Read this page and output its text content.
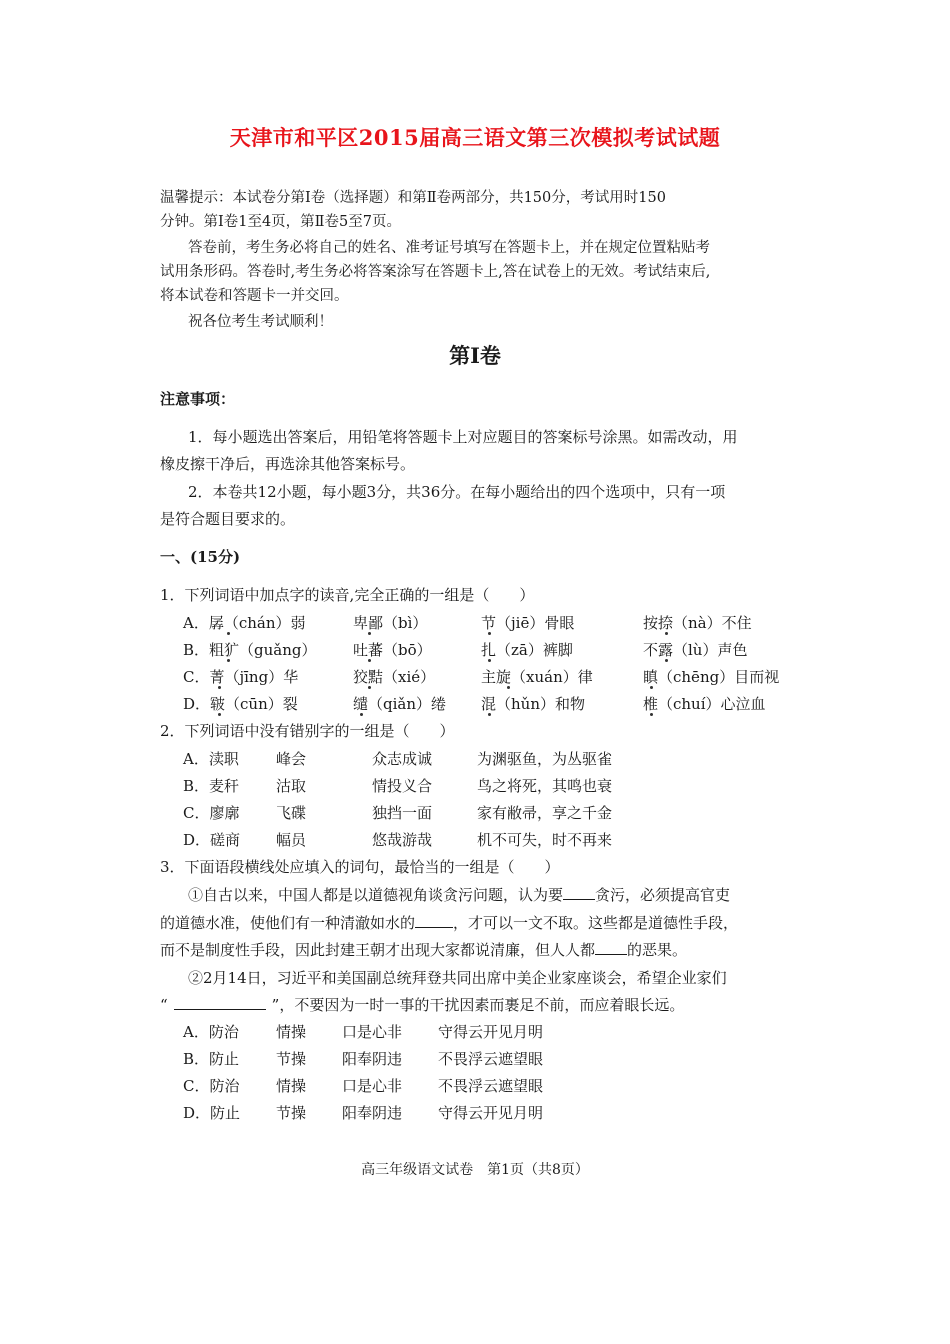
天津市和平区2015届高三语文第三次模拟考试试题
温馨提示：本试卷分第Ⅰ卷（选择题）和第Ⅱ卷两部分，共150分，考试用时150
分钟。第Ⅰ卷1至4页，第Ⅱ卷5至7页。
答卷前，考生务必将自己的姓名、准考证号填写在答题卡上，并在规定位置粘贴考
试用条形码。答卷时,考生务必将答案涂写在答题卡上,答在试卷上的无效。考试结束后,
将本试卷和答题卡一并交回。
祝各位考生考试顺利！
第Ⅰ卷
注意事项：
1．每小题选出答案后，用铅笔将答题卡上对应题目的答案标号涂黑。如需改动，用
橡皮擦干净后，再选涂其他答案标号。
2．本卷共12小题，每小题3分，共36分。在每小题给出的四个选项中，只有一项
是符合题目要求的。
一、(15分)
1．下列词语中加点字的读音,完全正确的一组是（　　）
A．孱（chán）弱	卑鄙（bì）	节（jiē）骨眼	按捺（nà）不住
B．粗犷（guǎng） 吐蕃（bō）	扎（zā）裤脚	不露（lù）声色
C．菁（jīng）华	狡黠（xié）	主旋（xuán）律	瞋（chēng）目而视
D．皲（cūn）裂	缱（qiǎn）绻 混（hǔn）和物	椎（chuí）心泣血
2．下列词语中没有错别字的一组是（　　）
A．渎职 峰会	众志成诚	为渊驱鱼，为丛驱雀
B．麦秆 沽取	情投义合	鸟之将死，其鸣也衰
C．廖廓 飞碟	独挡一面	家有敝帚，享之千金
D．磋商 幅员	悠哉游哉	机不可失，时不再来
3．下面语段横线处应填入的词句，最恰当的一组是（　　）
①自古以来，中国人都是以道德视角谈贪污问题，认为要 贪污，必须提高官吏
的道德水准，使他们有一种清澈如水的	，才可以一文不取。这些都是道德性手段，
而不是制度性手段，因此封建王朝才出现大家都说清廉，但人人都 的恶果。
②2月14日，习近平和美国副总统拜登共同出席中美企业家座谈会，希望企业家们
“	”，不要因为一时一事的干扰因素而裹足不前，而应着眼长远。
A．防治 情操 口是心非 守得云开见月明
B．防止 节操 阳奉阴违 不畏浮云遮望眼
C．防治 情操 口是心非 不畏浮云遮望眼
D．防止 节操 阳奉阴违 守得云开见月明
高三年级语文试卷　第1页（共8页）
